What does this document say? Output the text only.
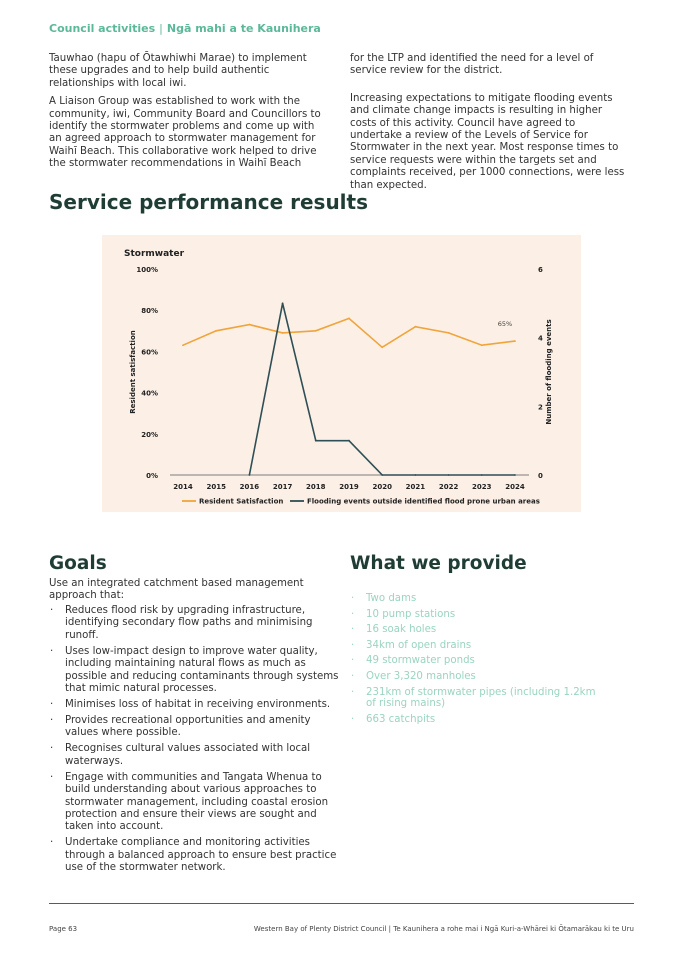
Council activities | Ngā mahi a te Kaunihera

Tauwhao (hapu of Ōtawhiwhi Marae) to implement these upgrades and to help build authentic relationships with local iwi.

A Liaison Group was established to work with the community, iwi, Community Board and Councillors to identify the stormwater problems and come up with an agreed approach to stormwater management for Waihī Beach. This collaborative work helped to drive the stormwater recommendations in Waihī Beach

for the LTP and identified the need for a level of service review for the district.

Increasing expectations to mitigate flooding events and climate change impacts is resulting in higher costs of this activity. Council have agreed to undertake a review of the Levels of Service for Stormwater in the next year. Most response times to service requests were within the targets set and complaints received, per 1000 connections, were less than expected.

Service performance results
Stormwater
0%
20%
40%
60%
80%
100%
0
2
4
6
2014 2015 2016 2017 2018 2019 2020 2021 2022 2023 2024
Resident satisfaction	Number of flooding events
65%
Resident Satisfaction	Flooding events outside identified flood prone urban areas
Goals
Use an integrated catchment based management approach that:
· Reduces flood risk by upgrading infrastructure, identifying secondary flow paths and minimising runoff.
· Uses low-impact design to improve water quality, including maintaining natural flows as much as possible and reducing contaminants through systems that mimic natural processes.
· Minimises loss of habitat in receiving environments.
· Provides recreational opportunities and amenity values where possible.
· Recognises cultural values associated with local waterways.
· Engage with communities and Tangata Whenua to build understanding about various approaches to stormwater management, including coastal erosion protection and ensure their views are sought and taken into account.
· Undertake compliance and monitoring activities through a balanced approach to ensure best practice use of the stormwater network.
What we provide
· Two dams
· 10 pump stations
· 16 soak holes
· 34km of open drains
· 49 stormwater ponds
· Over 3,320 manholes
· 231km of stormwater pipes (including 1.2km of rising mains)
· 663 catchpits
Page 63	Western Bay of Plenty District Council | Te Kaunihera a rohe mai i Ngā Kuri-a-Whārei ki Ōtamarākau ki te Uru
